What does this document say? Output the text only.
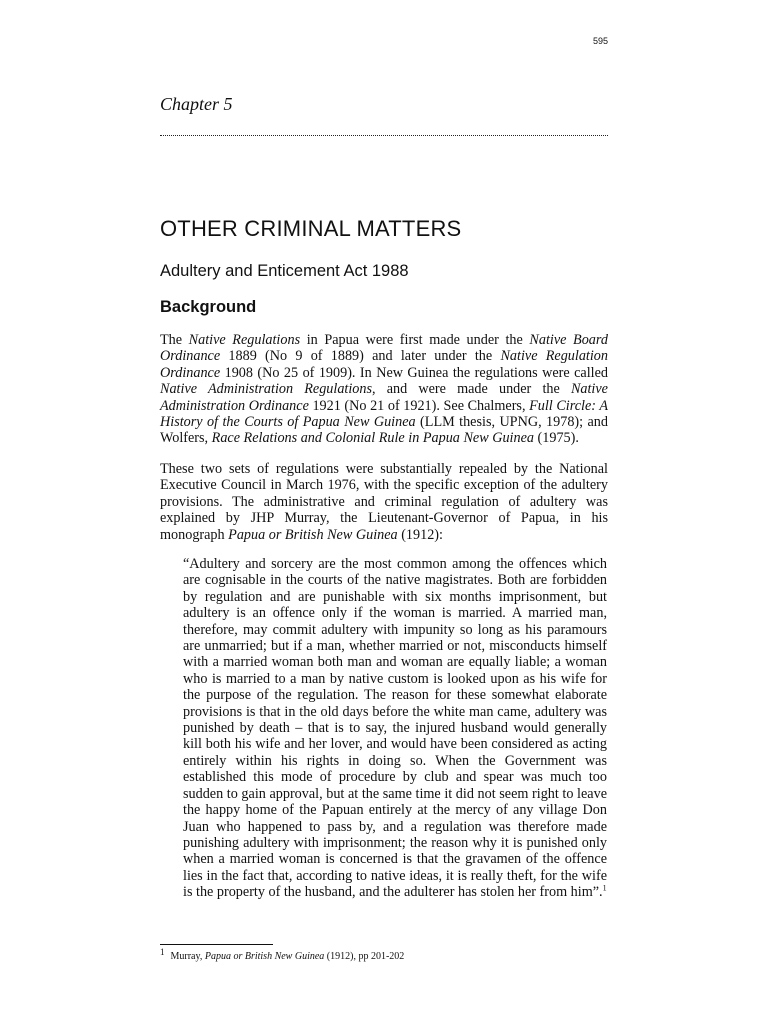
595
Chapter 5
OTHER CRIMINAL MATTERS
Adultery and Enticement Act 1988
Background

The Native Regulations in Papua were first made under the Native Board Ordinance 1889 (No 9 of 1889) and later under the Native Regulation Ordinance 1908 (No 25 of 1909). In New Guinea the regulations were called Native Administration Regulations, and were made under the Native Administration Ordinance 1921 (No 21 of 1921). See Chalmers, Full Circle: A History of the Courts of Papua New Guinea (LLM thesis, UPNG, 1978); and Wolfers, Race Relations and Colonial Rule in Papua New Guinea (1975).

These two sets of regulations were substantially repealed by the National Executive Council in March 1976, with the specific exception of the adultery provisions. The administrative and criminal regulation of adultery was explained by JHP Murray, the Lieutenant-Governor of Papua, in his monograph Papua or British New Guinea (1912):

“Adultery and sorcery are the most common among the offences which are cognisable in the courts of the native magistrates. Both are forbidden by regulation and are punishable with six months imprisonment, but adultery is an offence only if the woman is married. A married man, therefore, may commit adultery with impunity so long as his paramours are unmarried; but if a man, whether married or not, misconducts himself with a married woman both man and woman are equally liable; a woman who is married to a man by native custom is looked upon as his wife for the purpose of the regulation. The reason for these somewhat elaborate provisions is that in the old days before the white man came, adultery was punished by death – that is to say, the injured husband would generally kill both his wife and her lover, and would have been considered as acting entirely within his rights in doing so. When the Government was established this mode of procedure by club and spear was much too sudden to gain approval, but at the same time it did not seem right to leave the happy home of the Papuan entirely at the mercy of any village Don Juan who happened to pass by, and a regulation was therefore made punishing adultery with imprisonment; the reason why it is punished only when a married woman is concerned is that the gravamen of the offence lies in the fact that, according to native ideas, it is really theft, for the wife is the property of the husband, and the adulterer has stolen her from him”.$^1$

1 Murray, Papua or British New Guinea (1912), pp 201-202
